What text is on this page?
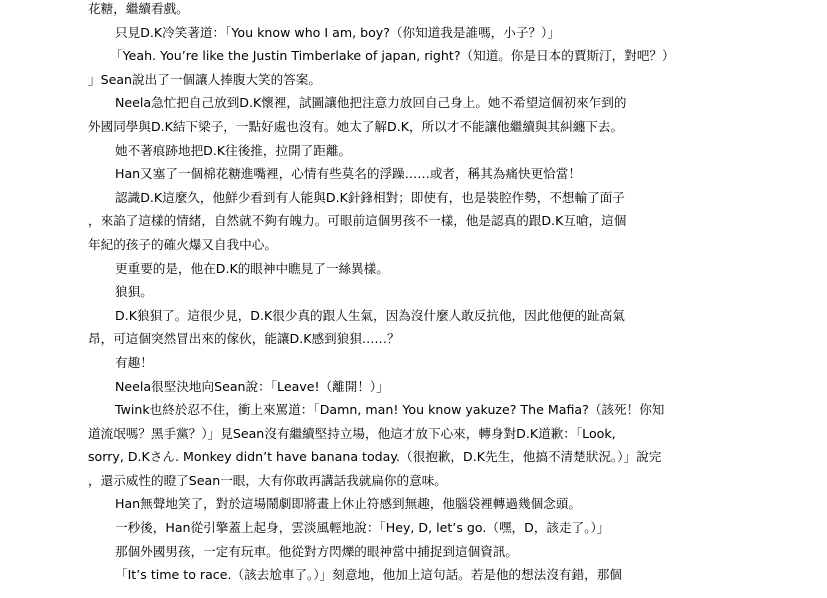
花糖，繼續看戲。
只見D.K冷笑著道：「You know who I am, boy?（你知道我是誰嗎，小子？）」
「Yeah. You’re like the Justin Timberlake of japan, right?（知道。你是日本的賈斯汀，對吧？）
」Sean說出了一個讓人捧腹大笑的答案。
Neela急忙把自己放到D.K懷裡，試圖讓他把注意力放回自己身上。她不希望這個初來乍到的
外國同學與D.K結下梁子，一點好處也沒有。她太了解D.K，所以才不能讓他繼續與其糾纏下去。
她不著痕跡地把D.K往後推，拉開了距離。
Han又塞了一個棉花糖進嘴裡，心情有些莫名的浮躁……或者，稱其為痛快更恰當！
認識D.K這麼久，他鮮少看到有人能與D.K針鋒相對；即使有，也是裝腔作勢，不想輸了面子
，來諂了這樣的情緒，自然就不夠有魄力。可眼前這個男孩不一樣，他是認真的跟D.K互嗆，這個
年紀的孩子的確火爆又自我中心。
更重要的是，他在D.K的眼神中瞧見了一絲異樣。
狼狽。
D.K狼狽了。這很少見，D.K很少真的跟人生氣，因為沒什麼人敢反抗他，因此他便的趾高氣
昂，可這個突然冒出來的傢伙，能讓D.K感到狼狽……？
有趣！
Neela很堅決地向Sean說：「Leave!（離開！）」
Twink也終於忍不住，衝上來罵道：「Damn, man! You know yakuze? The Mafia?（該死！你知
道流氓嗎？黑手黨？）」見Sean沒有繼續堅持立場，他這才放下心來，轉身對D.K道歉：「Look,
sorry, D.Kさん. Monkey didn’t have banana today.（很抱歉，D.K先生，他搞不清楚狀況。）」說完
，還示威性的瞪了Sean一眼，大有你敢再講話我就扁你的意味。
Han無聲地笑了，對於這場鬧劇即將畫上休止符感到無趣，他腦袋裡轉過幾個念頭。
一秒後，Han從引擎蓋上起身，雲淡風輕地說：「Hey, D, let’s go.（嘿，D，該走了。）」
那個外國男孩，一定有玩車。他從對方閃爍的眼神當中捕捉到這個資訊。
「It’s time to race.（該去尬車了。）」刻意地，他加上這句話。若是他的想法沒有錯，那個
